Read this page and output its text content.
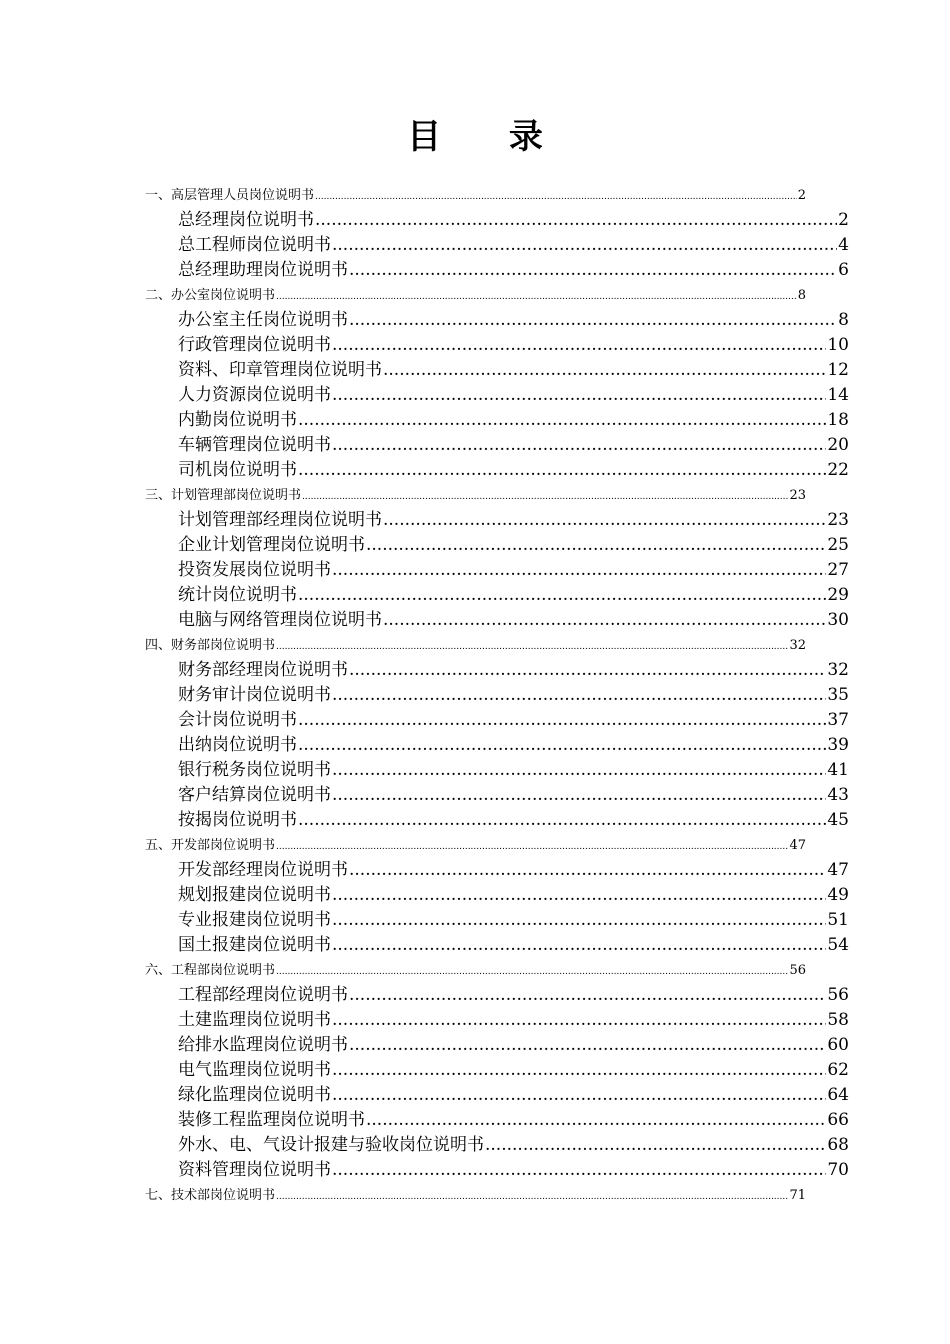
目 录
一、高层管理人员岗位说明书 .....	2
总经理岗位说明书 .....	2
总工程师岗位说明书 .....	4
总经理助理岗位说明书 .....	6
二、办公室岗位说明书 .....	8
办公室主任岗位说明书 .....	8
行政管理岗位说明书 .....	10
资料、印章管理岗位说明书 .....	12
人力资源岗位说明书 .....	14
内勤岗位说明书 .....	18
车辆管理岗位说明书 .....	20
司机岗位说明书 .....	22
三、计划管理部岗位说明书 .....	23
计划管理部经理岗位说明书 .....	23
企业计划管理岗位说明书 .....	25
投资发展岗位说明书 .....	27
统计岗位说明书 .....	29
电脑与网络管理岗位说明书 .....	30
四、财务部岗位说明书 .....	32
财务部经理岗位说明书 .....	32
财务审计岗位说明书 .....	35
会计岗位说明书 .....	37
出纳岗位说明书 .....	39
银行税务岗位说明书 .....	41
客户结算岗位说明书 .....	43
按揭岗位说明书 .....	45
五、开发部岗位说明书 .....	47
开发部经理岗位说明书 .....	47
规划报建岗位说明书 .....	49
专业报建岗位说明书 .....	51
国土报建岗位说明书 .....	54
六、工程部岗位说明书 .....	56
工程部经理岗位说明书 .....	56
土建监理岗位说明书 .....	58
给排水监理岗位说明书 .....	60
电气监理岗位说明书 .....	62
绿化监理岗位说明书 .....	64
装修工程监理岗位说明书 .....	66
外水、电、气设计报建与验收岗位说明书 .....	68
资料管理岗位说明书 .....	70
七、技术部岗位说明书 .....	71
